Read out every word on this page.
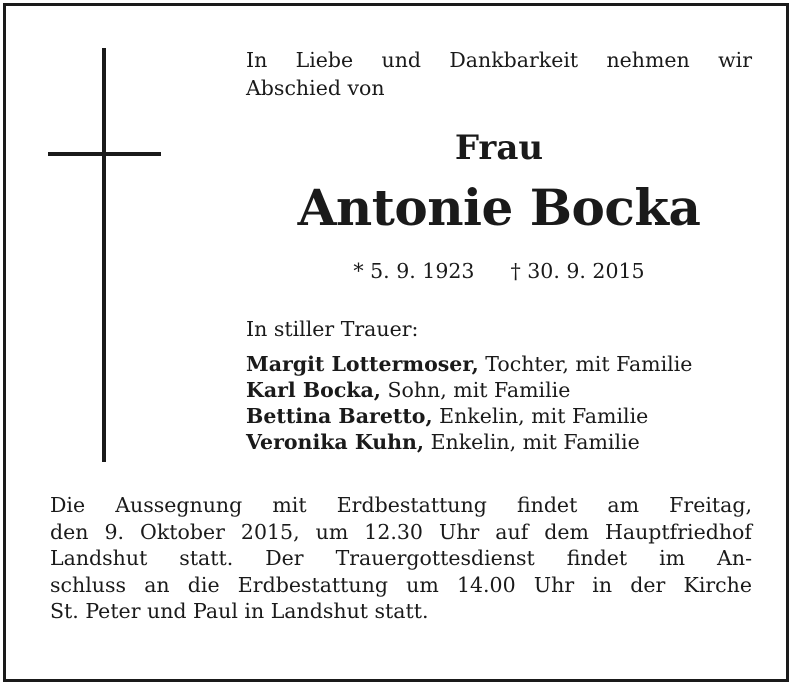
In Liebe und Dankbarkeit nehmen wir
Abschied von
Frau
Antonie Bocka
* 5. 9. 1923 † 30. 9. 2015
In stiller Trauer:
Margit Lottermoser, Tochter, mit Familie
Karl Bocka, Sohn, mit Familie
Bettina Baretto, Enkelin, mit Familie
Veronika Kuhn, Enkelin, mit Familie
Die Aussegnung mit Erdbestattung findet am Freitag,
den 9. Oktober 2015, um 12.30 Uhr auf dem Hauptfriedhof
Landshut statt. Der Trauergottesdienst findet im An-
schluss an die Erdbestattung um 14.00 Uhr in der Kirche
St. Peter und Paul in Landshut statt.
